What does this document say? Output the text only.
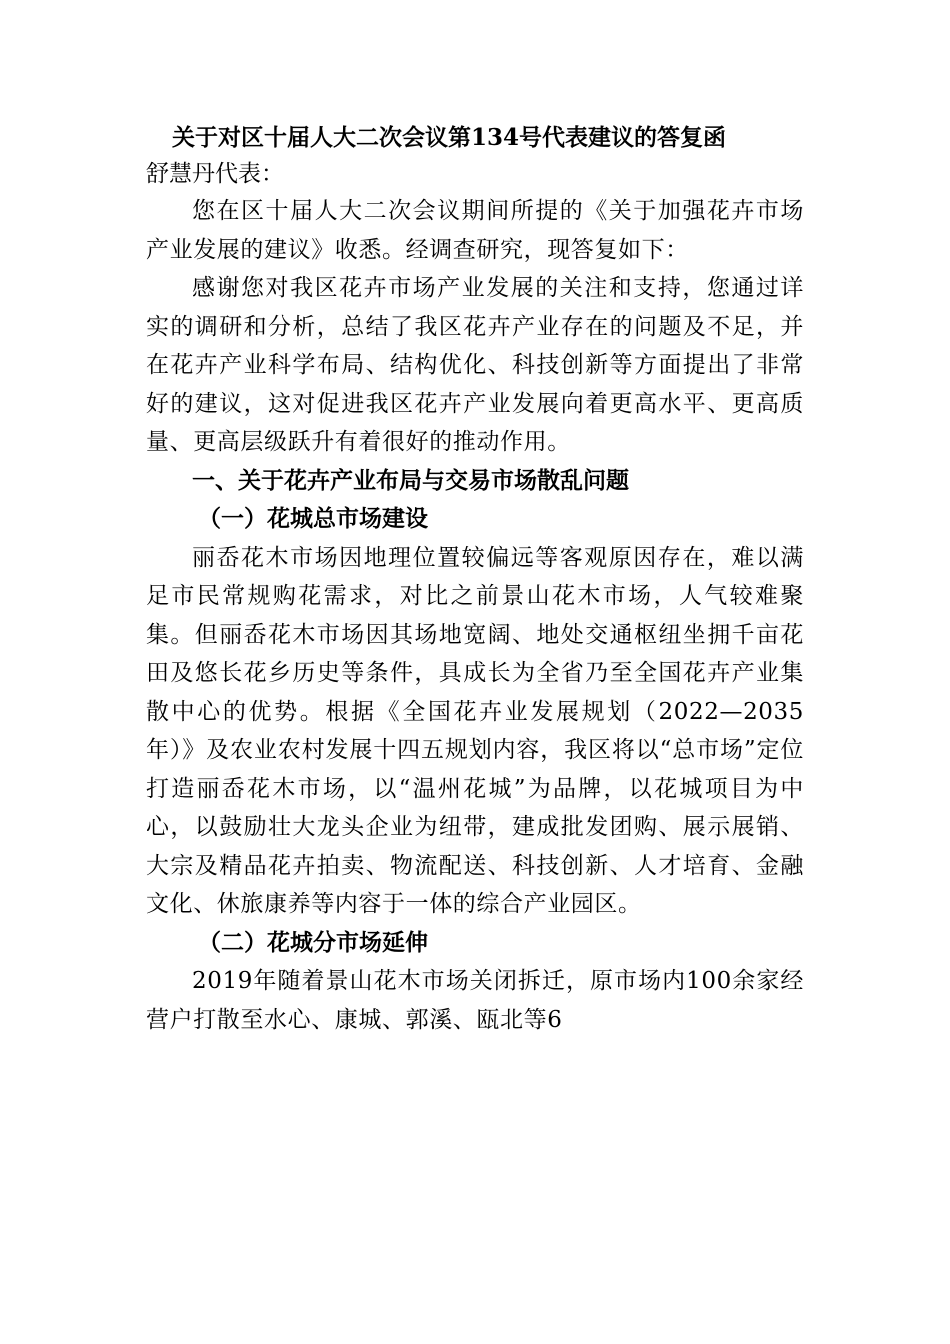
关于对区十届人大二次会议第134号代表建议的答复函
舒慧丹代表：

您在区十届人大二次会议期间所提的《关于加强花卉市场产业发展的建议》收悉。经调查研究，现答复如下：

感谢您对我区花卉市场产业发展的关注和支持，您通过详实的调研和分析，总结了我区花卉产业存在的问题及不足，并在花卉产业科学布局、结构优化、科技创新等方面提出了非常好的建议，这对促进我区花卉产业发展向着更高水平、更高质量、更高层级跃升有着很好的推动作用。

一、关于花卉产业布局与交易市场散乱问题
（一）花城总市场建设

丽岙花木市场因地理位置较偏远等客观原因存在，难以满足市民常规购花需求，对比之前景山花木市场，人气较难聚集。但丽岙花木市场因其场地宽阔、地处交通枢纽坐拥千亩花田及悠长花乡历史等条件，具成长为全省乃至全国花卉产业集散中心的优势。根据《全国花卉业发展规划（2022—2035年）》及农业农村发展十四五规划内容，我区将以“总市场”定位打造丽岙花木市场，以“温州花城”为品牌，以花城项目为中心，以鼓励壮大龙头企业为纽带，建成批发团购、展示展销、大宗及精品花卉拍卖、物流配送、科技创新、人才培育、金融文化、休旅康养等内容于一体的综合产业园区。

（二）花城分市场延伸

2019年随着景山花木市场关闭拆迁，原市场内100余家经营户打散至水心、康城、郭溪、瓯北等6
